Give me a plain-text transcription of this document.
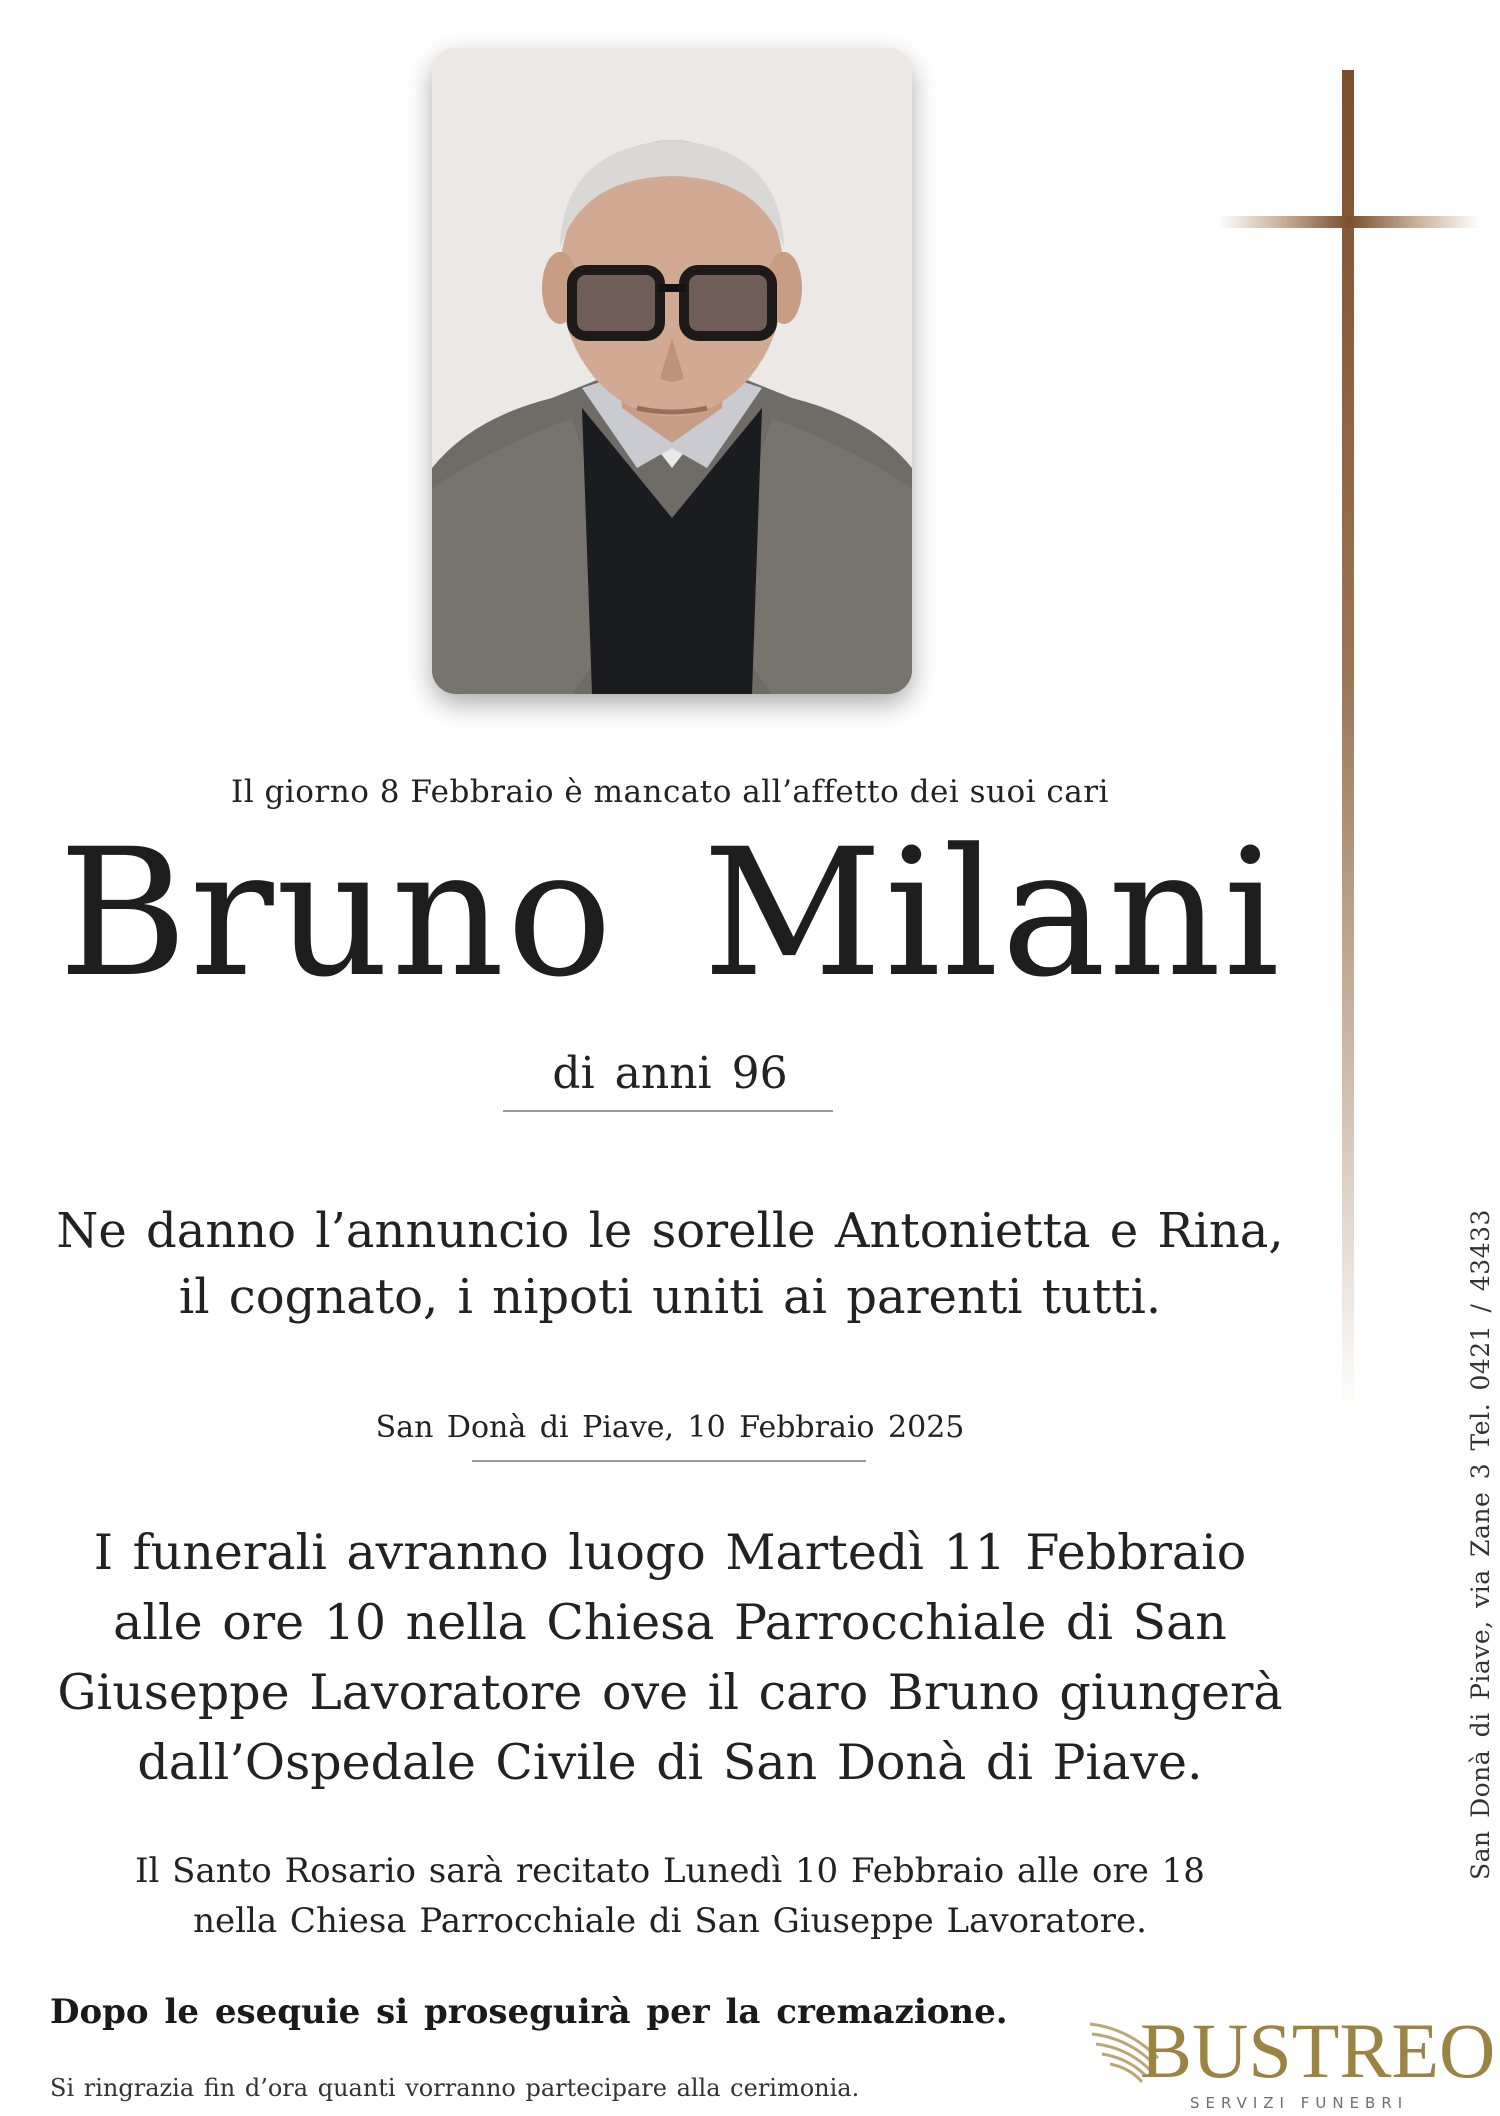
Il giorno 8 Febbraio è mancato all’affetto dei suoi cari
Bruno Milani
di anni 96
Ne danno l’annuncio le sorelle Antonietta e Rina,
il cognato, i nipoti uniti ai parenti tutti.
San Donà di Piave, 10 Febbraio 2025
I funerali avranno luogo Martedì 11 Febbraio
alle ore 10 nella Chiesa Parrocchiale di San
Giuseppe Lavoratore ove il caro Bruno giungerà
dall’Ospedale Civile di San Donà di Piave.
Il Santo Rosario sarà recitato Lunedì 10 Febbraio alle ore 18
nella Chiesa Parrocchiale di San Giuseppe Lavoratore.
Dopo le esequie si proseguirà per la cremazione.
Si ringrazia fin d’ora quanti vorranno partecipare alla cerimonia.
San Donà di Piave, via Zane 3 Tel. 0421 / 43433
BUSTREO
SERVIZI FUNEBRI
